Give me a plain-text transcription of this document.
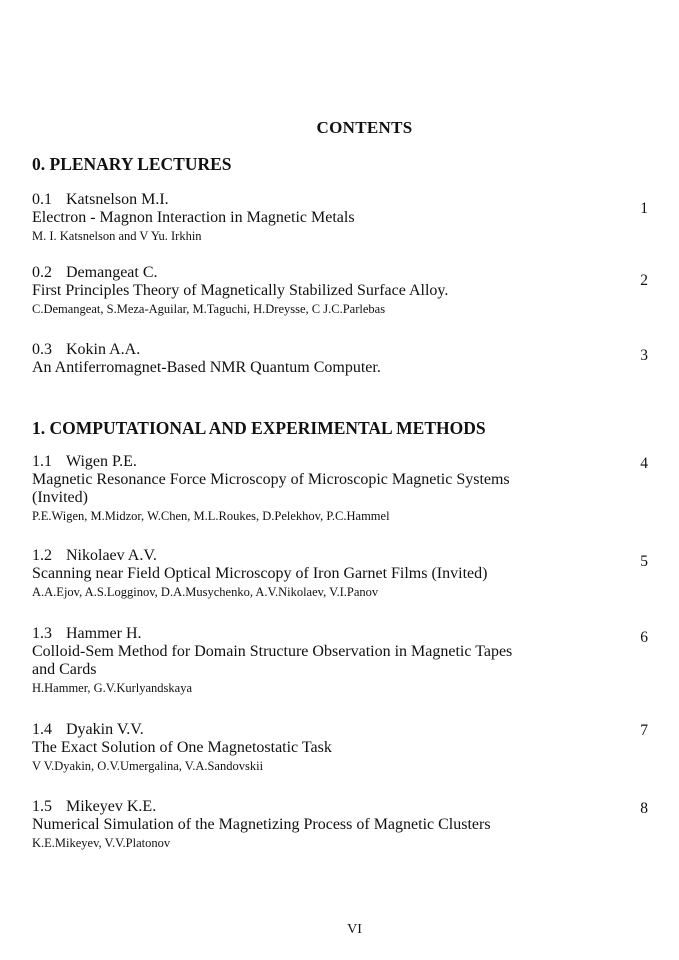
CONTENTS
0. PLENARY LECTURES
0.1 Katsnelson M.I.
Electron - Magnon Interaction in Magnetic Metals
M. I. Katsnelson and V Yu. Irkhin
1
0.2 Demangeat C.
First Principles Theory of Magnetically Stabilized Surface Alloy.
C.Demangeat, S.Meza-Aguilar, M.Taguchi, H.Dreysse, C J.C.Parlebas
2
0.3 Kokin A.A.
An Antiferromagnet-Based NMR Quantum Computer.
3
1. COMPUTATIONAL AND EXPERIMENTAL METHODS
1.1 Wigen P.E.
Magnetic Resonance Force Microscopy of Microscopic Magnetic Systems
(Invited)
P.E.Wigen, M.Midzor, W.Chen, M.L.Roukes, D.Pelekhov, P.C.Hammel
4
1.2 Nikolaev A.V.
Scanning near Field Optical Microscopy of Iron Garnet Films (Invited)
A.A.Ejov, A.S.Logginov, D.A.Musychenko, A.V.Nikolaev, V.I.Panov
5
1.3 Hammer H.
Colloid-Sem Method for Domain Structure Observation in Magnetic Tapes
and Cards
H.Hammer, G.V.Kurlyandskaya
6
1.4 Dyakin V.V.
The Exact Solution of One Magnetostatic Task
V V.Dyakin, O.V.Umergalina, V.A.Sandovskii
7
1.5 Mikeyev K.E.
Numerical Simulation of the Magnetizing Process of Magnetic Clusters
K.E.Mikeyev, V.V.Platonov
8
VI
